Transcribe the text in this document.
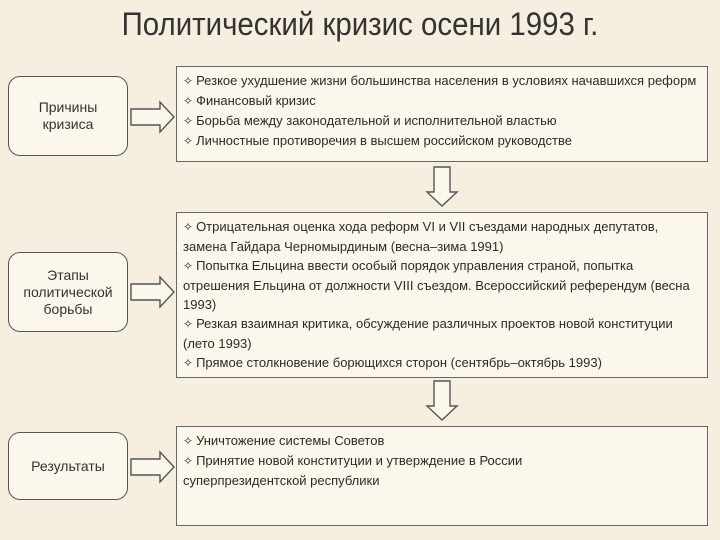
Политический кризис осени 1993 г.
Причины кризиса
✧ Резкое ухудшение жизни большинства населения в условиях начавшихся реформ
✧ Финансовый кризис
✧ Борьба между законодательной и исполнительной властью
✧ Личностные противоречия в высшем российском руководстве
Этапы политической борьбы
✧ Отрицательная оценка хода реформ VI и VII съездами народных депутатов, замена Гайдара Черномырдиным (весна–зима 1991)
✧ Попытка Ельцина ввести особый порядок управления страной, попытка отрешения Ельцина от должности VIII съездом. Всероссийский референдум (весна 1993)
✧ Резкая взаимная критика, обсуждение различных проектов новой конституции (лето 1993)
✧ Прямое столкновение борющихся сторон (сентябрь–октябрь 1993)
Результаты
✧ Уничтожение системы Советов
✧ Принятие новой конституции и утверждение в России суперпрезидентской республики
